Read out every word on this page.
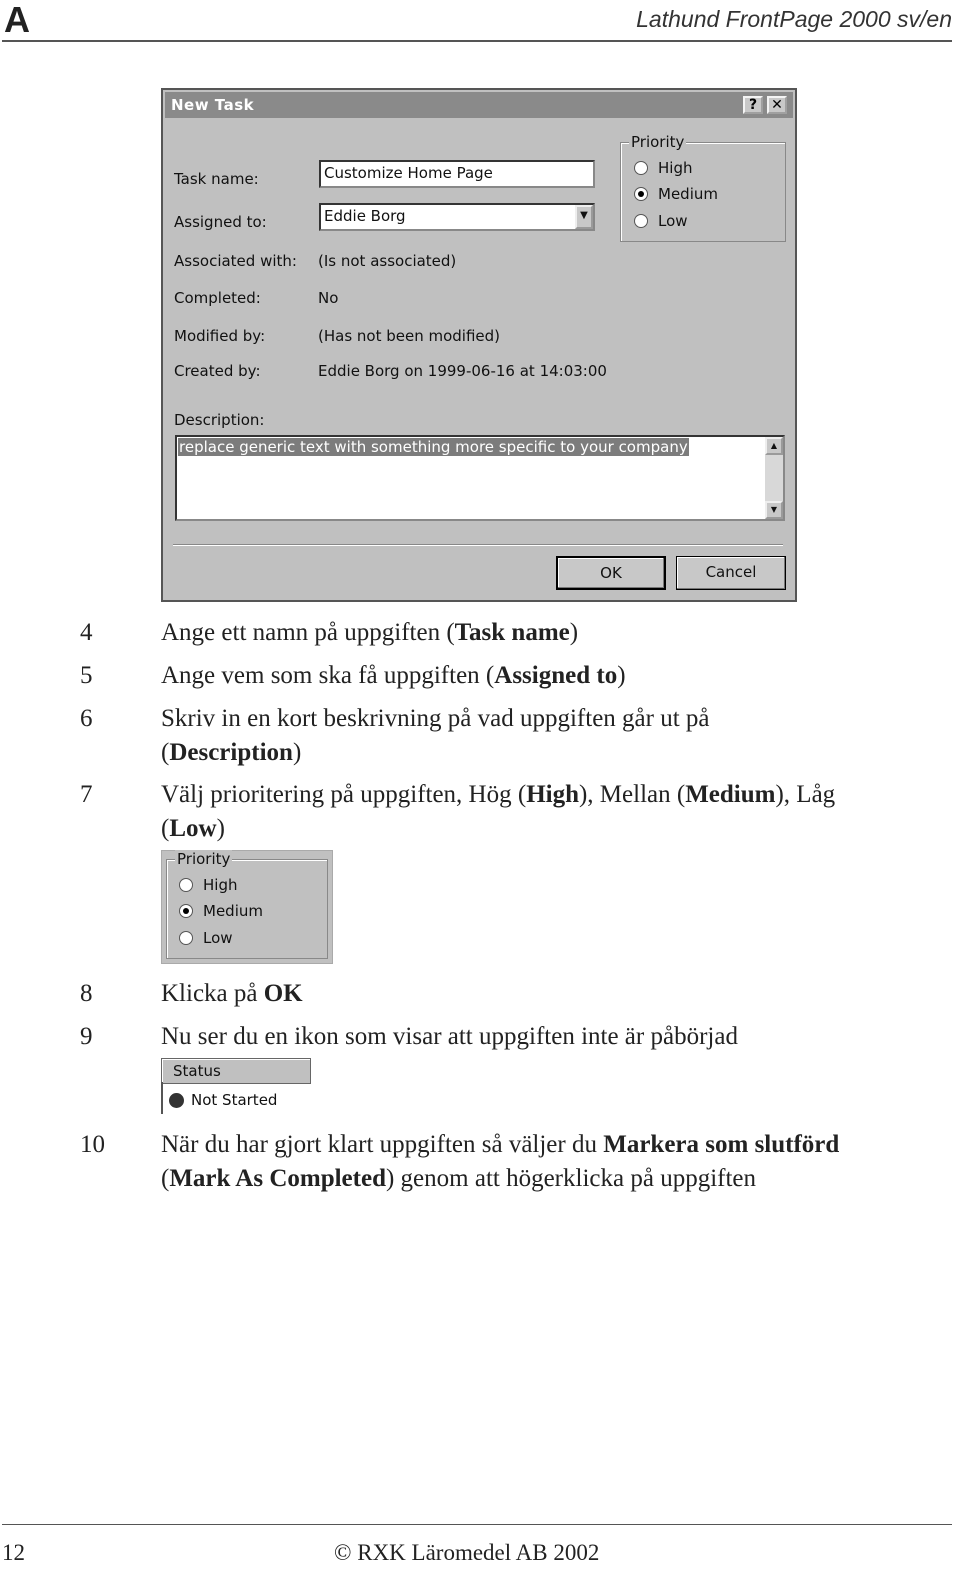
A	Lathund FrontPage 2000 sv/en
New Task	?	✕
Task name:	Customize Home Page
Assigned to:	Eddie Borg	▼
Associated with: (Is not associated)
Completed:	No
Modified by:	(Has not been modified)
Created by:	Eddie Borg on 1999-06-16 at 14:03:00
Priority
High
Medium
Low
Description:
replace generic text with something more specific to your company	▲
▼
OK	Cancel
4	Ange ett namn på uppgiften (Task name)
5	Ange vem som ska få uppgiften (Assigned to)
6	Skriv in en kort beskrivning på vad uppgiften går ut på
(Description)
7	Välj prioritering på uppgiften, Hög (High), Mellan (Medium), Låg
(Low)
Priority
High
Medium
Low
8	Klicka på OK
9	Nu ser du en ikon som visar att uppgiften inte är påbörjad
Status
Not Started
10 När du har gjort klart uppgiften så väljer du Markera som slutförd
(Mark As Completed) genom att högerklicka på uppgiften
12	© RXK Läromedel AB 2002
